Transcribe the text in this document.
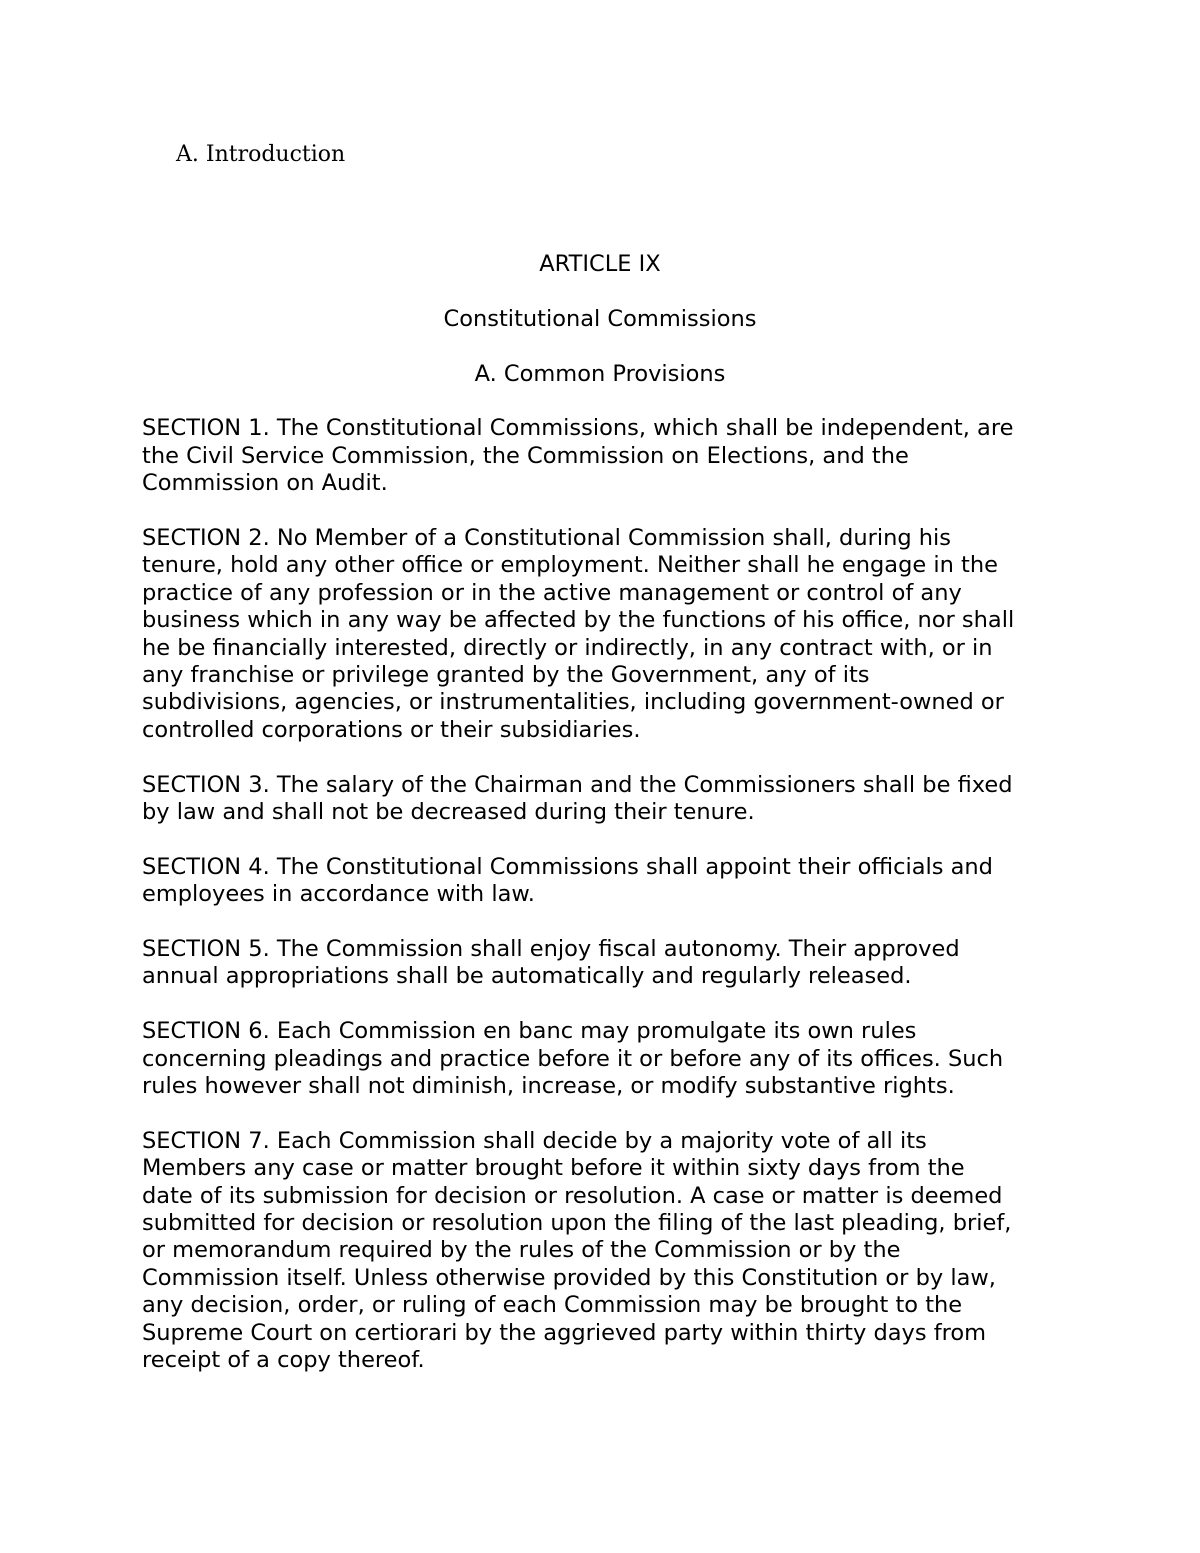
A. Introduction

ARTICLE IX

Constitutional Commissions

A. Common Provisions

SECTION 1. The Constitutional Commissions, which shall be independent, are
the Civil Service Commission, the Commission on Elections, and the
Commission on Audit.

SECTION 2. No Member of a Constitutional Commission shall, during his
tenure, hold any other office or employment. Neither shall he engage in the
practice of any profession or in the active management or control of any
business which in any way be affected by the functions of his office, nor shall
he be financially interested, directly or indirectly, in any contract with, or in
any franchise or privilege granted by the Government, any of its
subdivisions, agencies, or instrumentalities, including government-owned or
controlled corporations or their subsidiaries.

SECTION 3. The salary of the Chairman and the Commissioners shall be fixed
by law and shall not be decreased during their tenure.

SECTION 4. The Constitutional Commissions shall appoint their officials and
employees in accordance with law.

SECTION 5. The Commission shall enjoy fiscal autonomy. Their approved
annual appropriations shall be automatically and regularly released.

SECTION 6. Each Commission en banc may promulgate its own rules
concerning pleadings and practice before it or before any of its offices. Such
rules however shall not diminish, increase, or modify substantive rights.

SECTION 7. Each Commission shall decide by a majority vote of all its
Members any case or matter brought before it within sixty days from the
date of its submission for decision or resolution. A case or matter is deemed
submitted for decision or resolution upon the filing of the last pleading, brief,
or memorandum required by the rules of the Commission or by the
Commission itself. Unless otherwise provided by this Constitution or by law,
any decision, order, or ruling of each Commission may be brought to the
Supreme Court on certiorari by the aggrieved party within thirty days from
receipt of a copy thereof.
